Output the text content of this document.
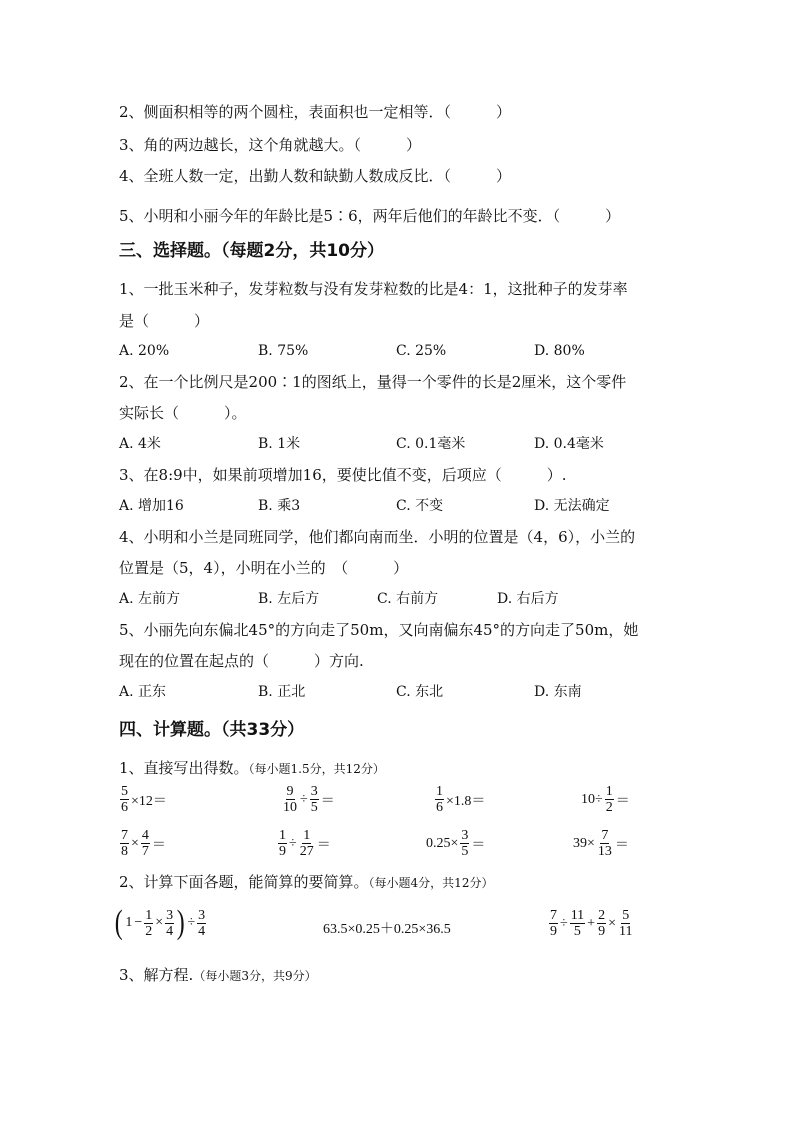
2、侧面积相等的两个圆柱，表面积也一定相等．（　　　）
3、角的两边越长，这个角就越大。（　　　）
4、全班人数一定，出勤人数和缺勤人数成反比．（　　　）
5、小明和小丽今年的年龄比是5∶6，两年后他们的年龄比不变．（　　　）
三、选择题。（每题2分，共10分）
1、一批玉米种子，发芽粒数与没有发芽粒数的比是4：1，这批种子的发芽率
是（　　　）
A. 20%	B. 75%	C. 25%	D. 80%
2、在一个比例尺是200∶1的图纸上，量得一个零件的长是2厘米，这个零件
实际长（　　　）。
A. 4米	B. 1米	C. 0.1毫米	D. 0.4毫米
3、在8:9中，如果前项增加16，要使比值不变，后项应（　　　）.
A. 增加16	B. 乘3	C. 不变	D. 无法确定
4、小明和小兰是同班同学，他们都向南而坐．小明的位置是（4，6），小兰的
位置是（5，4），小明在小兰的　（　　　）
A. 左前方	B. 左后方	C. 右前方	D. 右后方
5、小丽先向东偏北45°的方向走了50m，又向南偏东45°的方向走了50m，她
现在的位置在起点的（　　　）方向.
A. 正东	B. 正北	C. 东北	D. 东南
四、计算题。（共33分）
1、直接写出得数。（每小题1.5分，共12分）
$\frac{5}{6} \times 12=$	$\frac{9}{10} \div \frac{3}{5}$ ＝	$\frac{1}{6} \times 1.8=$	$10\div \frac{1}{2}$ ＝
$\frac{7}{8} \times \frac{4}{7}$ ＝	$\frac{1}{9} \div \frac{1}{27}$ ＝	$0.25\times \frac{3}{5}$ ＝	$39\times \frac{7}{13}$ ＝
2、计算下面各题，能简算的要简算。（每小题4分，共12分）
( $1 - \frac{1}{2} \times \frac{3}{4}$ ) ÷ $\frac{3}{4}$	63.5×0.25＋0.25×36.5	$\frac{7}{9} \div \frac{11}{5} + \frac{2}{9} \times \frac{5}{11}$
3、解方程.（每小题3分，共9分）
